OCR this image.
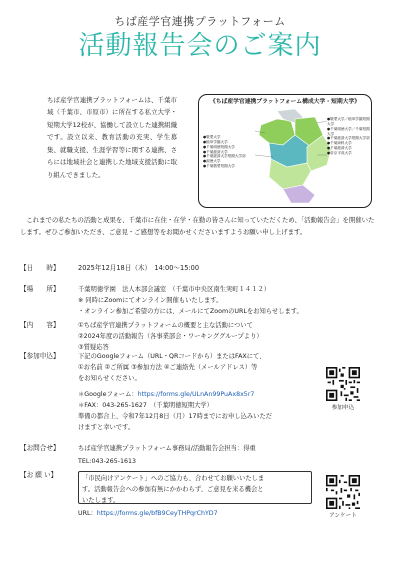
ちば産学官連携プラットフォーム
活動報告会のご案内
ちば産学官連携プラットフォームは、千葉市域（千葉市、市原市）に所在する私立大学・短期大学12校が、協働して設立した連携組織です。設立以来、教育活動の充実、学生募集、就職支援、生涯学習等に関する連携、さらには地域社会と連携した地域支援活動に取り組んできました。
《ちば産学官連携プラットフォーム構成大学・短期大学》
●敬愛大学
●植草学園大学
●千葉明徳短期大学
●千葉経済大学
●千葉経済大学短期大学部
●淑徳大学
●千葉敬愛短期大学
●敬愛大学／植草学園短期大学
●千葉明徳大学／千葉短期大学
●千葉経済大学短期大学部
●千葉商科大学
●千葉経済大学
●帝京平成大学
これまでの私たちの活動と成果を、千葉市に在住・在学・在勤の皆さんに知っていただくため、「活動報告会」を開催いたします。ぜひご参加いただき、ご意見・ご感想等をお聞かせくださいますようお願い申し上げます。
【日　　時】	2025年12月18日（木）　14:00～15:00
【場　　所】	千葉明徳学園　法人本部会議室　（千葉市中央区南生実町１４１２）
※ 同時にZoomにてオンライン開催もいたします。
・オンライン参加ご希望の方には、メールにてZoomのURLをお知らせします。
【内　　容】	①ちば産学官連携プラットフォームの概要と主な活動について
②2024年度の活動報告（各事業部会・ワーキンググループより）
③質疑応答
【参加申込】	下記のGoogleフォーム（URL・QRコードから）またはFAXにて、
①お名前 ②ご所属 ③参加方法 ④ご連絡先（メールアドレス）等
をお知らせください。
＊Googleフォーム：https://forms.gle/ULnAn99PuAx8x5r7
＊FAX：043-265-1627　（千葉明徳短期大学）
準備の都合上、令和7年12月8日（月）17時までにお申し込みいただ
けますと幸いです。
参加申込
【お問合せ】	ちば産学官連携プラットフォーム事務局/活動報告会担当：得重
TEL:043-265-1613
【お 願 い】	「市民向けアンケート」へのご協力も、合わせてお願いいたしま
す。活動報告会への参加有無にかかわらず、ご意見を来る機会と
いたします。
URL：https://forms.gle/bfB9CeyTHPqrChYD7	アンケート
